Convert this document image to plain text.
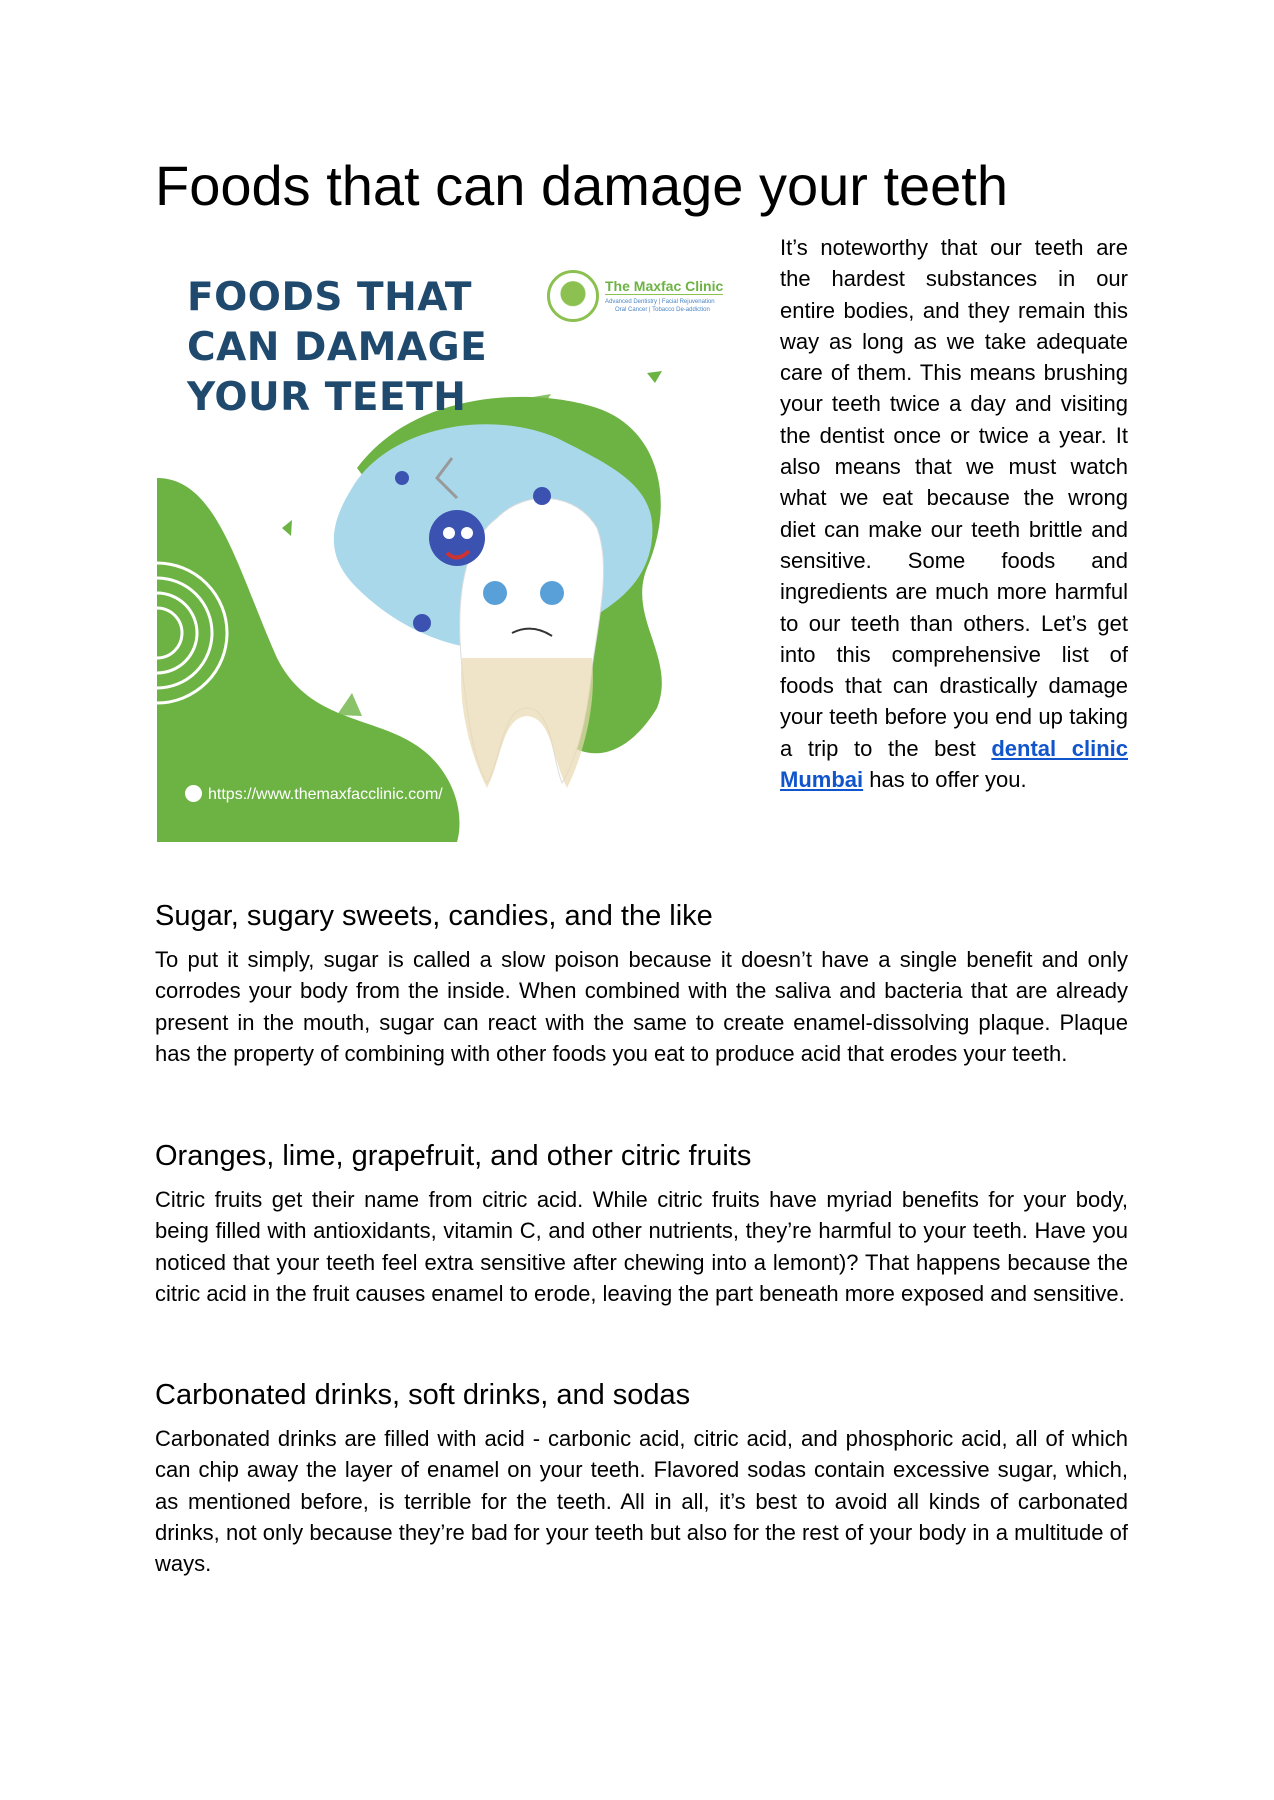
Foods that can damage your teeth
FOODS THAT
CAN DAMAGE
YOUR TEETH
The Maxfac Clinic
Advanced Dentistry | Facial Rejuvenation
Oral Cancer | Tobacco De-addiction
https://www.themaxfacclinic.com/

It’s noteworthy that our teeth are the hardest substances in our entire bodies, and they remain this way as long as we take adequate care of them. This means brushing your teeth twice a day and visiting the dentist once or twice a year. It also means that we must watch what we eat because the wrong diet can make our teeth brittle and sensitive. Some foods and ingredients are much more harmful to our teeth than others. Let’s get into this comprehensive list of foods that can drastically damage your teeth before you end up taking a trip to the best dental clinic Mumbai has to offer you.

Sugar, sugary sweets, candies, and the like

To put it simply, sugar is called a slow poison because it doesn’t have a single benefit and only corrodes your body from the inside. When combined with the saliva and bacteria that are already present in the mouth, sugar can react with the same to create enamel-dissolving plaque. Plaque has the property of combining with other foods you eat to produce acid that erodes your teeth.

Oranges, lime, grapefruit, and other citric fruits

Citric fruits get their name from citric acid. While citric fruits have myriad benefits for your body, being filled with antioxidants, vitamin C, and other nutrients, they’re harmful to your teeth. Have you noticed that your teeth feel extra sensitive after chewing into a lemont)? That happens because the citric acid in the fruit causes enamel to erode, leaving the part beneath more exposed and sensitive.

Carbonated drinks, soft drinks, and sodas

Carbonated drinks are filled with acid - carbonic acid, citric acid, and phosphoric acid, all of which can chip away the layer of enamel on your teeth. Flavored sodas contain excessive sugar, which, as mentioned before, is terrible for the teeth. All in all, it’s best to avoid all kinds of carbonated drinks, not only because they’re bad for your teeth but also for the rest of your body in a multitude of ways.
